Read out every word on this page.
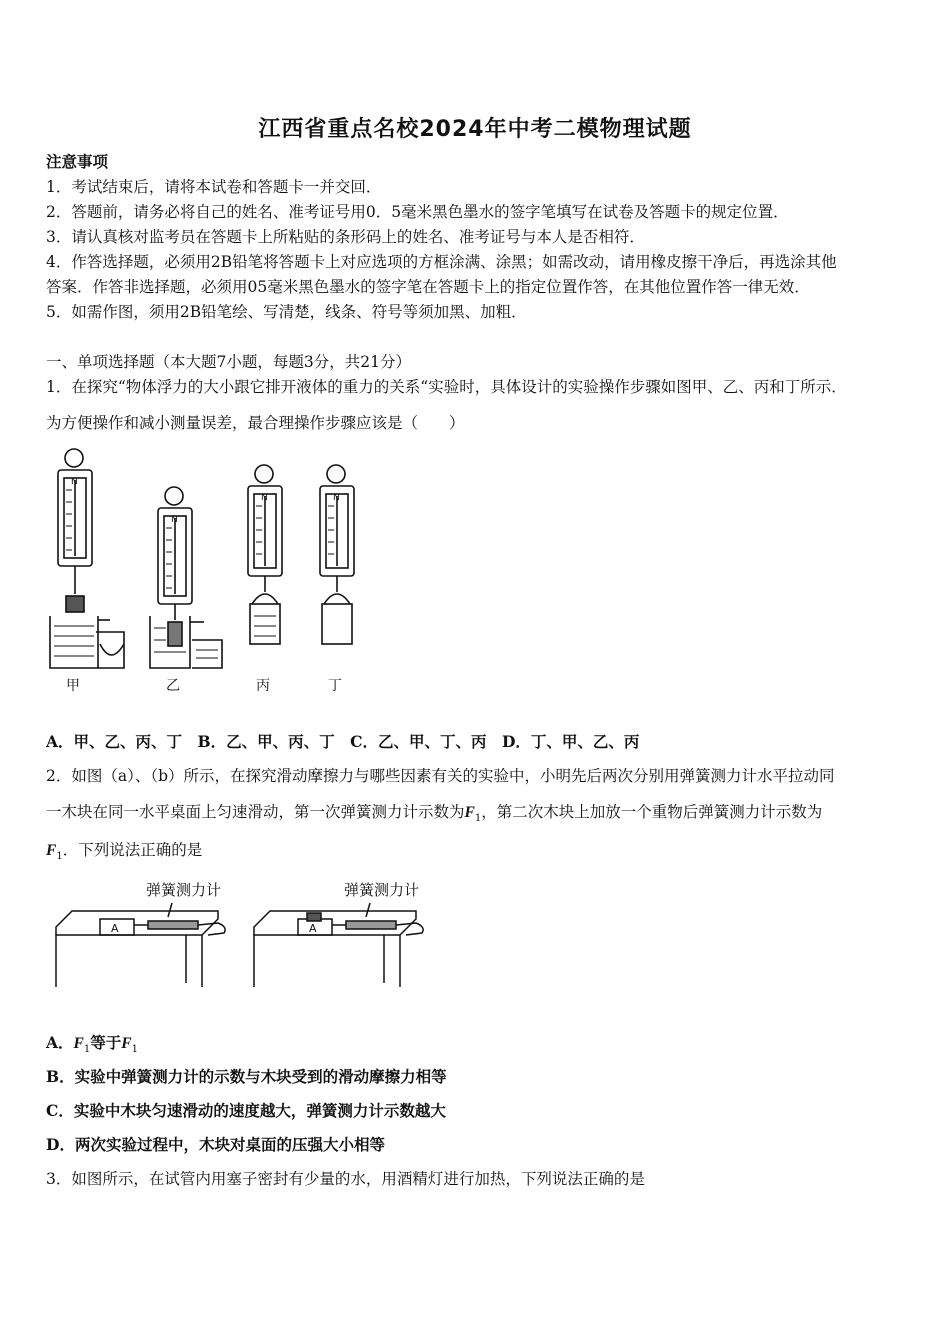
江西省重点名校2024年中考二模物理试题
注意事项
1．考试结束后，请将本试卷和答题卡一并交回．
2．答题前，请务必将自己的姓名、准考证号用0．5毫米黑色墨水的签字笔填写在试卷及答题卡的规定位置．
3．请认真核对监考员在答题卡上所粘贴的条形码上的姓名、准考证号与本人是否相符．
4．作答选择题，必须用2B铅笔将答题卡上对应选项的方框涂满、涂黑；如需改动，请用橡皮擦干净后，再选涂其他
答案．作答非选择题，必须用05毫米黑色墨水的签字笔在答题卡上的指定位置作答，在其他位置作答一律无效．
5．如需作图，须用2B铅笔绘、写清楚，线条、符号等须加黑、加粗．
一、单项选择题（本大题7小题，每题3分，共21分）
1．在探究“物体浮力的大小跟它排开液体的重力的关系“实验时，具体设计的实验操作步骤如图甲、乙、丙和丁所示．
为方便操作和减小测量误差，最合理操作步骤应该是（　　）
N
N
N	N
甲	乙	丙	丁
A．甲、乙、丙、丁　B．乙、甲、丙、丁　C．乙、甲、丁、丙　D．丁、甲、乙、丙
2．如图（a）、（b）所示，在探究滑动摩擦力与哪些因素有关的实验中，小明先后两次分别用弹簧测力计水平拉动同
一木块在同一水平桌面上匀速滑动，第一次弹簧测力计示数为$F_1$，第二次木块上加放一个重物后弹簧测力计示数为
$F_1$．下列说法正确的是
弹簧测力计	弹簧测力计
A	A
A．$F_1$等于$F_1$
B．实验中弹簧测力计的示数与木块受到的滑动摩擦力相等
C．实验中木块匀速滑动的速度越大，弹簧测力计示数越大
D．两次实验过程中，木块对桌面的压强大小相等
3．如图所示，在试管内用塞子密封有少量的水，用酒精灯进行加热，下列说法正确的是
